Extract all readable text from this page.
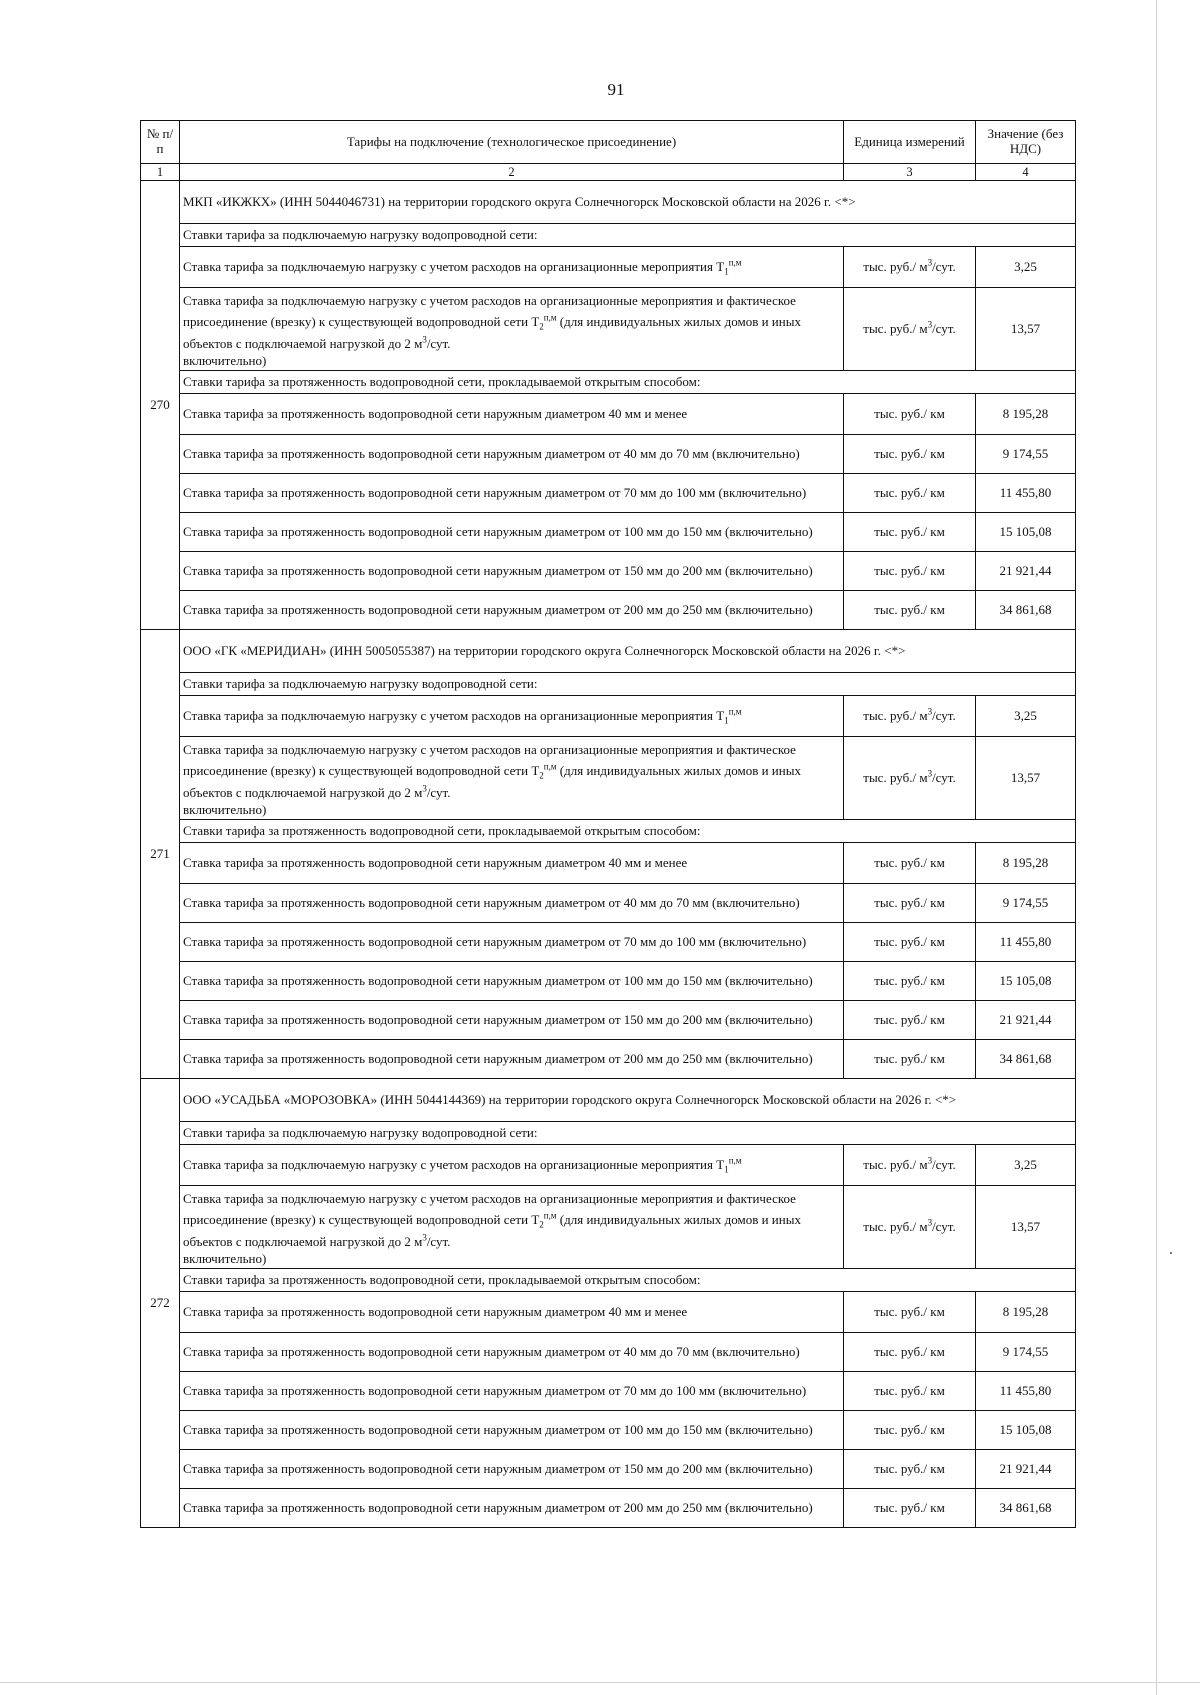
91
№ п/п	Тарифы на подключение (технологическое присоединение)	Единица измерений	Значение (без НДС)
1	2	3	4
270	МКП «ИКЖКХ» (ИНН 5044046731) на территории городского округа Солнечногорск Московской области на 2026 г. <*>		
	Ставки тарифа за подключаемую нагрузку водопроводной сети:		
	Ставка тарифа за подключаемую нагрузку с учетом расходов на организационные мероприятия $T_1^{п,м}$	тыс. руб./ $м^3$/сут.	3,25
	Ставка тарифа за подключаемую нагрузку с учетом расходов на организационные мероприятия и фактическое присоединение (врезку) к существующей водопроводной сети $T_2^{п,м}$ (для индивидуальных жилых домов и иных объектов с подключаемой нагрузкой до 2 $м^3$/сут.
включительно)	тыс. руб./ $м^3$/сут.	13,57
	Ставки тарифа за протяженность водопроводной сети, прокладываемой открытым способом:		
	Ставка тарифа за протяженность водопроводной сети наружным диаметром 40 мм и менее	тыс. руб./ км	8 195,28
	Ставка тарифа за протяженность водопроводной сети наружным диаметром от 40 мм до 70 мм (включительно)	тыс. руб./ км	9 174,55
	Ставка тарифа за протяженность водопроводной сети наружным диаметром от 70 мм до 100 мм (включительно)	тыс. руб./ км	11 455,80
	Ставка тарифа за протяженность водопроводной сети наружным диаметром от 100 мм до 150 мм (включительно)	тыс. руб./ км	15 105,08
	Ставка тарифа за протяженность водопроводной сети наружным диаметром от 150 мм до 200 мм (включительно)	тыс. руб./ км	21 921,44
	Ставка тарифа за протяженность водопроводной сети наружным диаметром от 200 мм до 250 мм (включительно)	тыс. руб./ км	34 861,68
271	ООО «ГК «МЕРИДИАН» (ИНН 5005055387) на территории городского округа Солнечногорск Московской области на 2026 г. <*>		
	Ставки тарифа за подключаемую нагрузку водопроводной сети:		
	Ставка тарифа за подключаемую нагрузку с учетом расходов на организационные мероприятия $T_1^{п,м}$	тыс. руб./ $м^3$/сут.	3,25
	Ставка тарифа за подключаемую нагрузку с учетом расходов на организационные мероприятия и фактическое присоединение (врезку) к существующей водопроводной сети $T_2^{п,м}$ (для индивидуальных жилых домов и иных объектов с подключаемой нагрузкой до 2 $м^3$/сут.
включительно)	тыс. руб./ $м^3$/сут.	13,57
	Ставки тарифа за протяженность водопроводной сети, прокладываемой открытым способом:		
	Ставка тарифа за протяженность водопроводной сети наружным диаметром 40 мм и менее	тыс. руб./ км	8 195,28
	Ставка тарифа за протяженность водопроводной сети наружным диаметром от 40 мм до 70 мм (включительно)	тыс. руб./ км	9 174,55
	Ставка тарифа за протяженность водопроводной сети наружным диаметром от 70 мм до 100 мм (включительно)	тыс. руб./ км	11 455,80
	Ставка тарифа за протяженность водопроводной сети наружным диаметром от 100 мм до 150 мм (включительно)	тыс. руб./ км	15 105,08
	Ставка тарифа за протяженность водопроводной сети наружным диаметром от 150 мм до 200 мм (включительно)	тыс. руб./ км	21 921,44
	Ставка тарифа за протяженность водопроводной сети наружным диаметром от 200 мм до 250 мм (включительно)	тыс. руб./ км	34 861,68
272	ООО «УСАДЬБА «МОРОЗОВКА» (ИНН 5044144369) на территории городского округа Солнечногорск Московской области на 2026 г. <*>		
	Ставки тарифа за подключаемую нагрузку водопроводной сети:		
	Ставка тарифа за подключаемую нагрузку с учетом расходов на организационные мероприятия $T_1^{п,м}$	тыс. руб./ $м^3$/сут.	3,25
	Ставка тарифа за подключаемую нагрузку с учетом расходов на организационные мероприятия и фактическое присоединение (врезку) к существующей водопроводной сети $T_2^{п,м}$ (для индивидуальных жилых домов и иных объектов с подключаемой нагрузкой до 2 $м^3$/сут.
включительно)	тыс. руб./ $м^3$/сут.	13,57
	Ставки тарифа за протяженность водопроводной сети, прокладываемой открытым способом:		
	Ставка тарифа за протяженность водопроводной сети наружным диаметром 40 мм и менее	тыс. руб./ км	8 195,28
	Ставка тарифа за протяженность водопроводной сети наружным диаметром от 40 мм до 70 мм (включительно)	тыс. руб./ км	9 174,55
	Ставка тарифа за протяженность водопроводной сети наружным диаметром от 70 мм до 100 мм (включительно)	тыс. руб./ км	11 455,80
	Ставка тарифа за протяженность водопроводной сети наружным диаметром от 100 мм до 150 мм (включительно)	тыс. руб./ км	15 105,08
	Ставка тарифа за протяженность водопроводной сети наружным диаметром от 150 мм до 200 мм (включительно)	тыс. руб./ км	21 921,44
	Ставка тарифа за протяженность водопроводной сети наружным диаметром от 200 мм до 250 мм (включительно)	тыс. руб./ км	34 861,68
